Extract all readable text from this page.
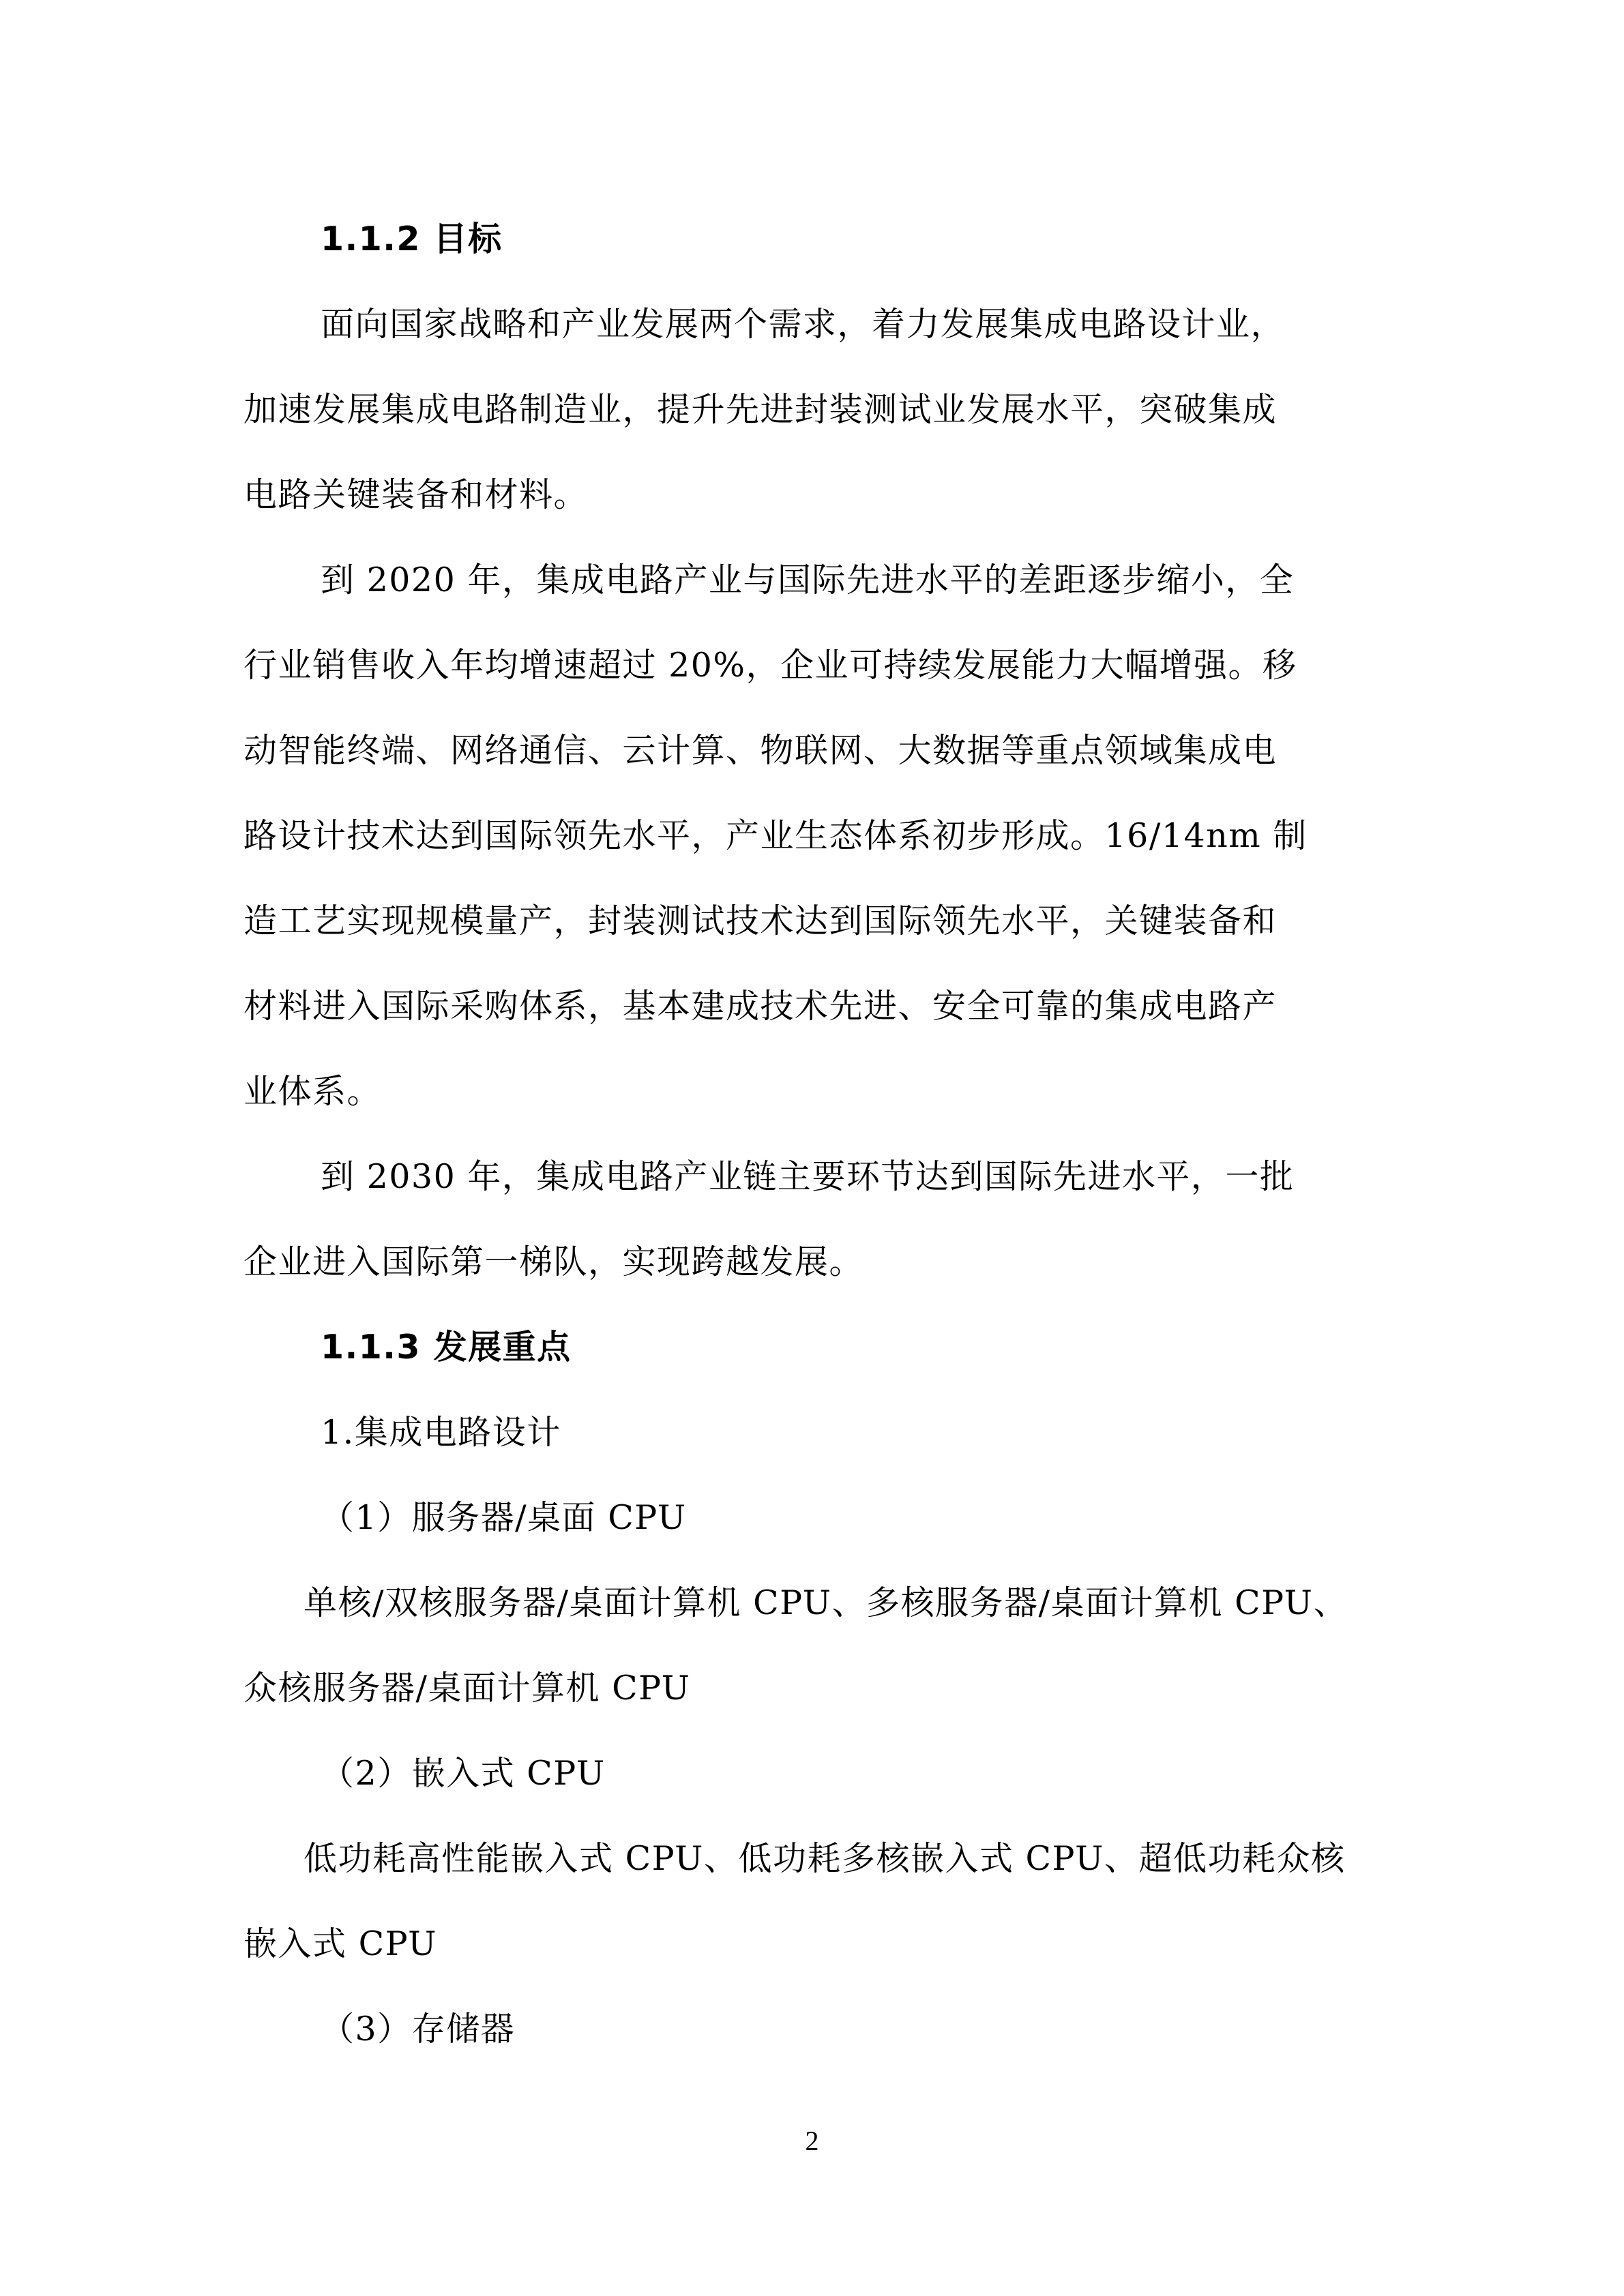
1.1.2 目标
面向国家战略和产业发展两个需求，着力发展集成电路设计业，
加速发展集成电路制造业，提升先进封装测试业发展水平，突破集成
电路关键装备和材料。
到 2020 年，集成电路产业与国际先进水平的差距逐步缩小，全
行业销售收入年均增速超过 20%，企业可持续发展能力大幅增强。移
动智能终端、网络通信、云计算、物联网、大数据等重点领域集成电
路设计技术达到国际领先水平，产业生态体系初步形成。16/14nm 制
造工艺实现规模量产，封装测试技术达到国际领先水平，关键装备和
材料进入国际采购体系，基本建成技术先进、安全可靠的集成电路产
业体系。
到 2030 年，集成电路产业链主要环节达到国际先进水平，一批
企业进入国际第一梯队，实现跨越发展。
1.1.3 发展重点
1.集成电路设计
（1）服务器/桌面 CPU
单核/双核服务器/桌面计算机 CPU、多核服务器/桌面计算机 CPU、
众核服务器/桌面计算机 CPU
（2）嵌入式 CPU
低功耗高性能嵌入式 CPU、低功耗多核嵌入式 CPU、超低功耗众核
嵌入式 CPU
（3）存储器
2
